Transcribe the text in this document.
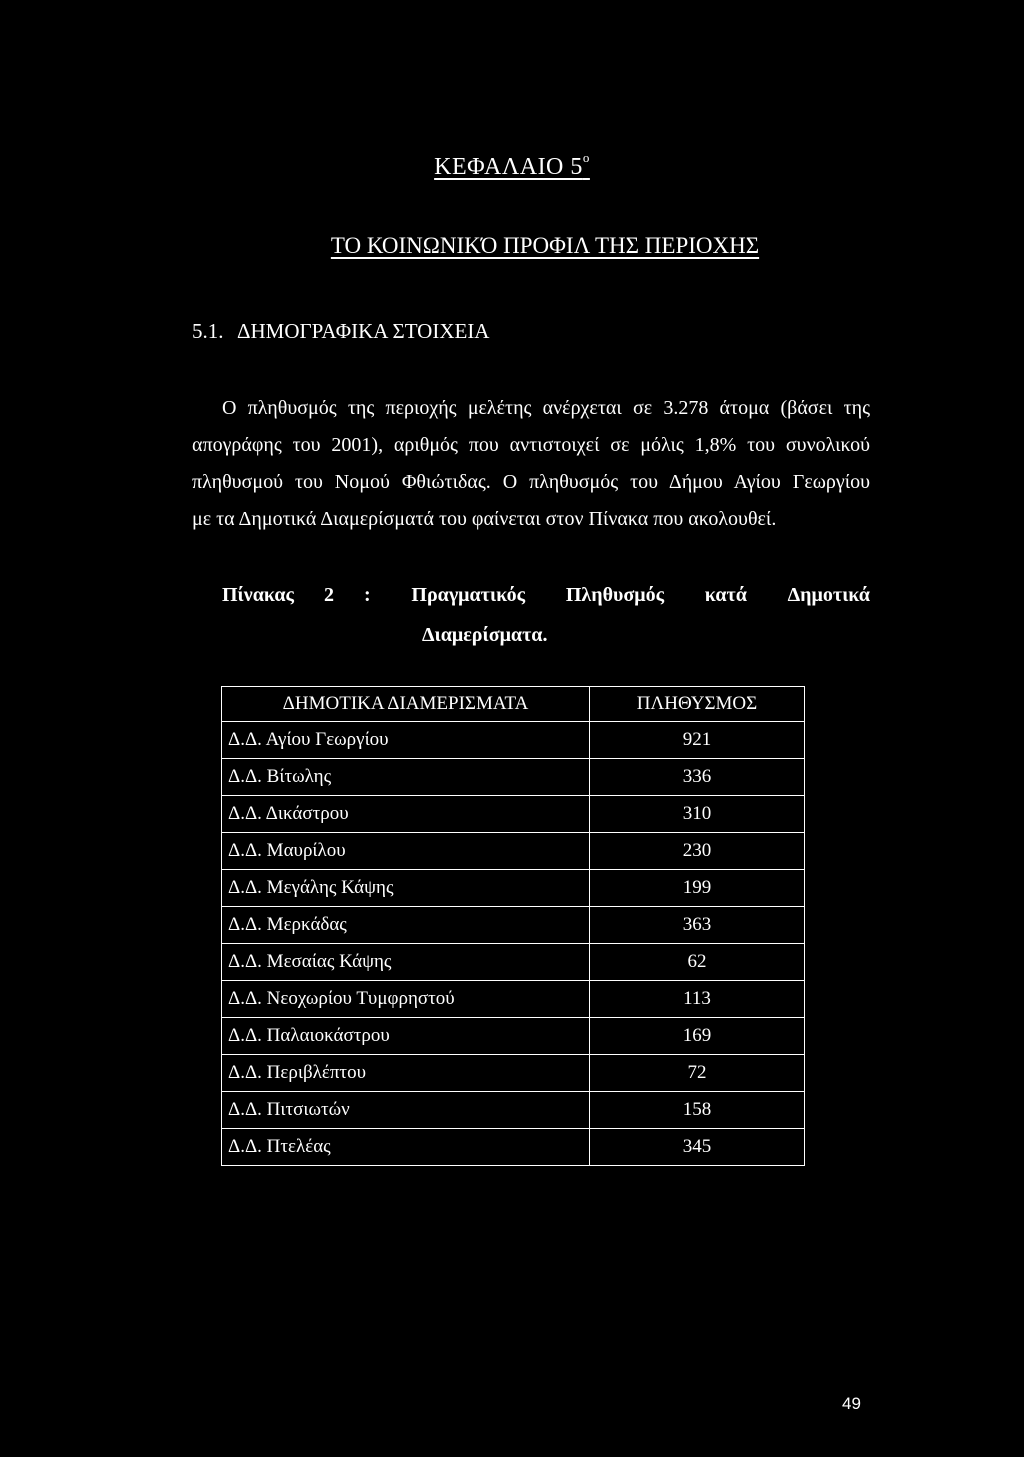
ΚΕΦΑΛΑΙΟ $5^o$
ΤΟ ΚΟΙΝΩΝΙΚΌ ΠΡΟΦΙΛ ΤΗΣ ΠΕΡΙΟΧΗΣ
5.1. ΔΗΜΟΓΡΑΦΙΚΑ ΣΤΟΙΧΕΙΑ
Ο πληθυσμός της περιοχής μελέτης ανέρχεται σε 3.278 άτομα (βάσει της
απογράφης του 2001), αριθμός που αντιστοιχεί σε μόλις 1,8% του συνολικού
πληθυσμού του Νομού Φθιώτιδας. Ο πληθυσμός του Δήμου Αγίου Γεωργίου
με τα Δημοτικά Διαμερίσματά του φαίνεται στον Πίνακα που ακολουθεί.
Πίνακας 2 : Πραγματικός Πληθυσμός κατά Δημοτικά
Διαμερίσματα.
ΔΗΜΟΤΙΚΑ ΔΙΑΜΕΡΙΣΜΑΤΑ	ΠΛΗΘΥΣΜΟΣ
Δ.Δ. Αγίου Γεωργίου	921
Δ.Δ. Βίτωλης	336
Δ.Δ. Δικάστρου	310
Δ.Δ. Μαυρίλου	230
Δ.Δ. Μεγάλης Κάψης	199
Δ.Δ. Μερκάδας	363
Δ.Δ. Μεσαίας Κάψης	62
Δ.Δ. Νεοχωρίου Τυμφρηστού	113
Δ.Δ. Παλαιοκάστρου	169
Δ.Δ. Περιβλέπτου	72
Δ.Δ. Πιτσιωτών	158
Δ.Δ. Πτελέας	345
49
